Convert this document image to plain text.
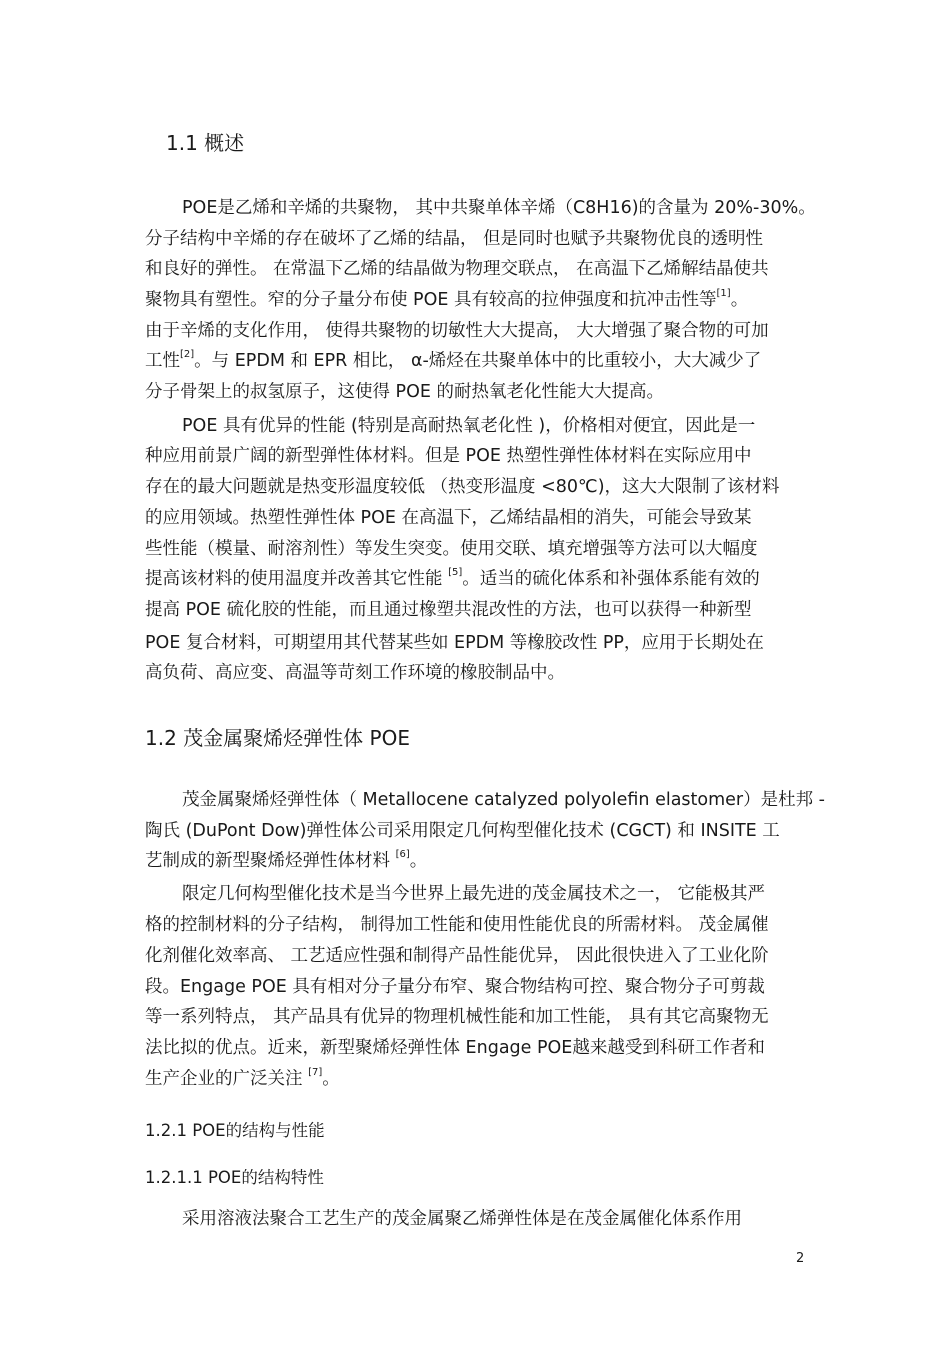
1.1 概述
POE是乙烯和辛烯的共聚物， 其中共聚单体辛烯（C8H16)的含量为 20%-30%。
分子结构中辛烯的存在破坏了乙烯的结晶， 但是同时也赋予共聚物优良的透明性
和良好的弹性。 在常温下乙烯的结晶做为物理交联点， 在高温下乙烯解结晶使共
聚物具有塑性。窄的分子量分布使 POE 具有较高的拉伸强度和抗冲击性等[1]。
由于辛烯的支化作用， 使得共聚物的切敏性大大提高， 大大增强了聚合物的可加
工性[2]。与 EPDM 和 EPR 相比， α-烯烃在共聚单体中的比重较小，大大减少了
分子骨架上的叔氢原子，这使得 POE 的耐热氧老化性能大大提高。
POE 具有优异的性能 (特别是高耐热氧老化性 )，价格相对便宜，因此是一
种应用前景广阔的新型弹性体材料。但是 POE 热塑性弹性体材料在实际应用中
存在的最大问题就是热变形温度较低 （热变形温度 <80℃)，这大大限制了该材料
的应用领域。热塑性弹性体 POE 在高温下，乙烯结晶相的消失，可能会导致某
些性能（模量、耐溶剂性）等发生突变。使用交联、填充增强等方法可以大幅度
提高该材料的使用温度并改善其它性能 [5]。适当的硫化体系和补强体系能有效的
提高 POE 硫化胶的性能，而且通过橡塑共混改性的方法，也可以获得一种新型
POE 复合材料，可期望用其代替某些如 EPDM 等橡胶改性 PP，应用于长期处在
高负荷、高应变、高温等苛刻工作环境的橡胶制品中。
1.2 茂金属聚烯烃弹性体 POE
茂金属聚烯烃弹性体（ Metallocene catalyzed polyolefin elastomer）是杜邦 -
陶氏 (DuPont Dow)弹性体公司采用限定几何构型催化技术 (CGCT) 和 INSITE 工
艺制成的新型聚烯烃弹性体材料 [6]。
限定几何构型催化技术是当今世界上最先进的茂金属技术之一， 它能极其严
格的控制材料的分子结构， 制得加工性能和使用性能优良的所需材料。 茂金属催
化剂催化效率高、 工艺适应性强和制得产品性能优异， 因此很快进入了工业化阶
段。Engage POE 具有相对分子量分布窄、聚合物结构可控、聚合物分子可剪裁
等一系列特点， 其产品具有优异的物理机械性能和加工性能， 具有其它高聚物无
法比拟的优点。近来，新型聚烯烃弹性体 Engage POE越来越受到科研工作者和
生产企业的广泛关注 [7]。
1.2.1 POE的结构与性能
1.2.1.1 POE的结构特性
采用溶液法聚合工艺生产的茂金属聚乙烯弹性体是在茂金属催化体系作用
2
